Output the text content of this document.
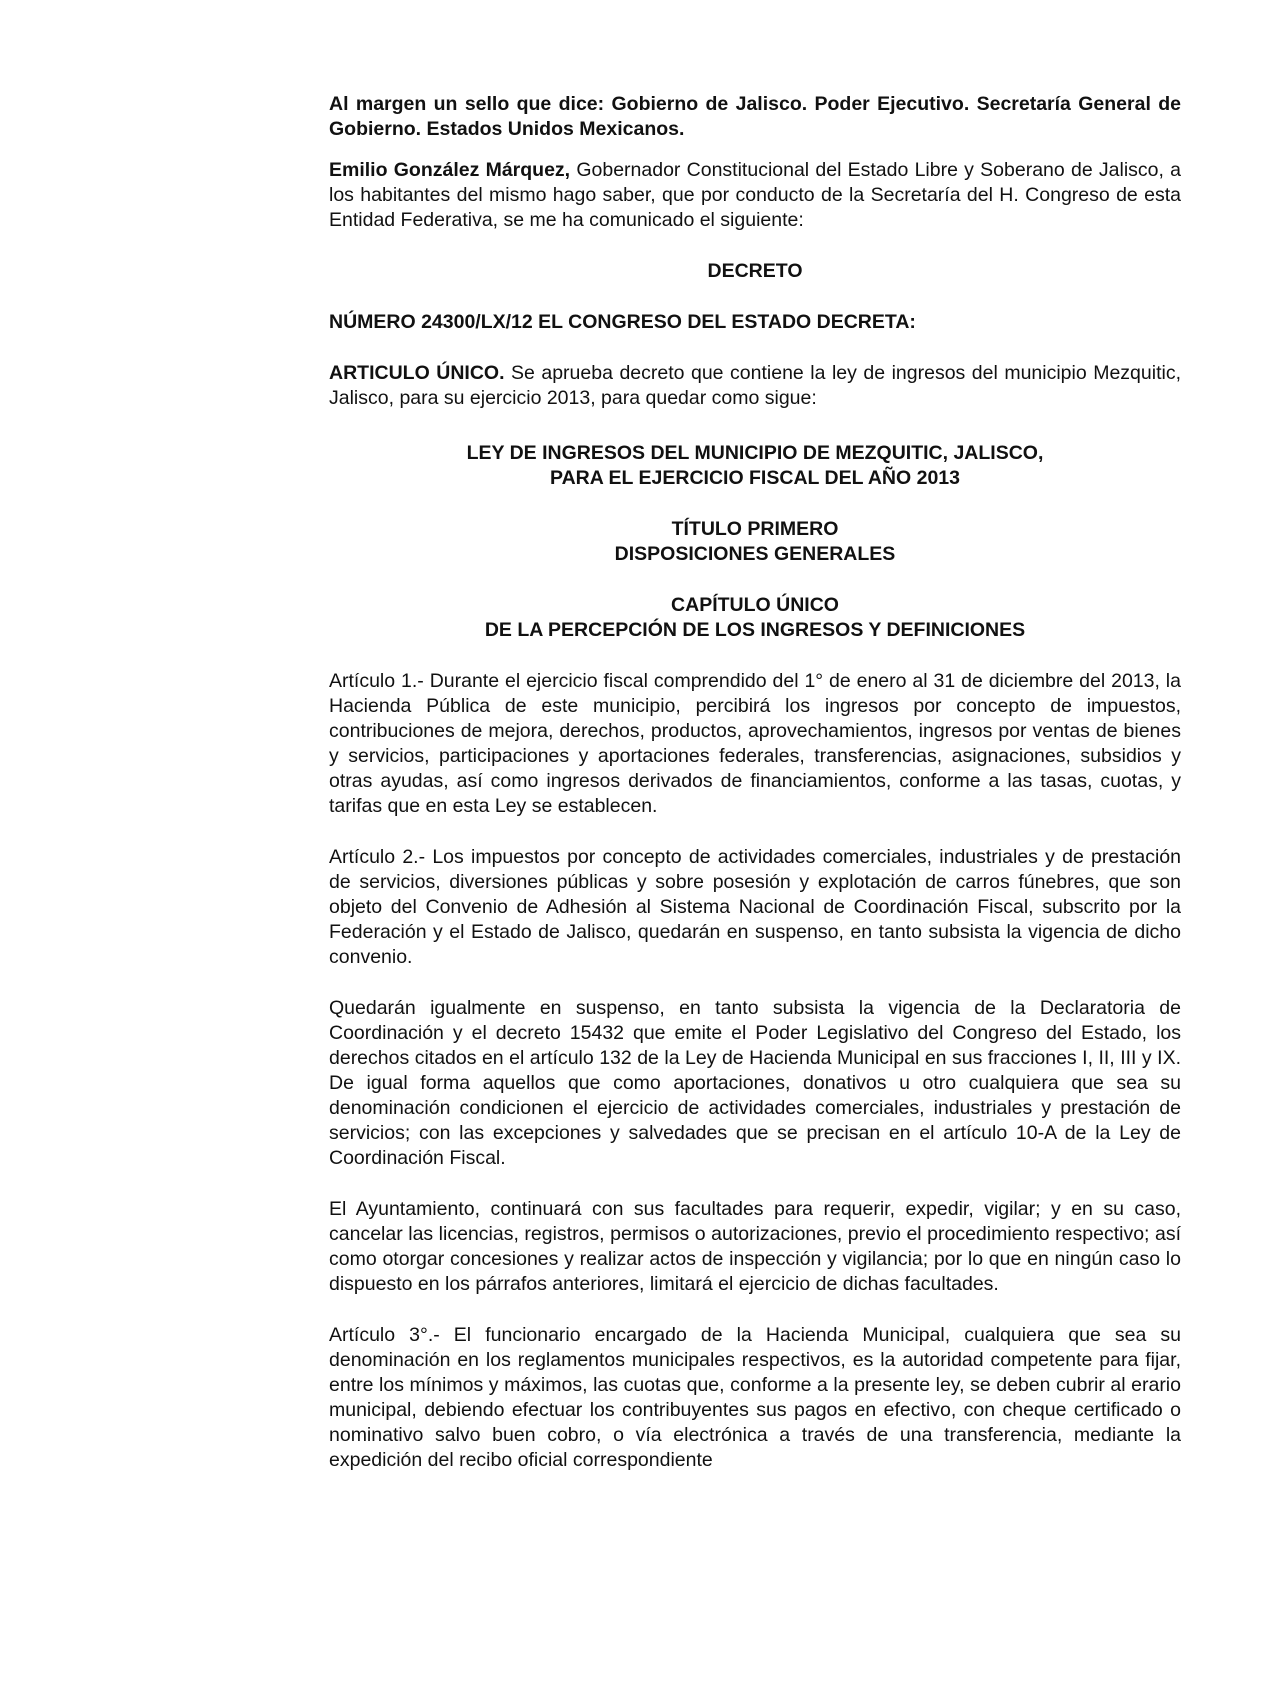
Al margen un sello que dice: Gobierno de Jalisco. Poder Ejecutivo. Secretaría General de Gobierno. Estados Unidos Mexicanos.

Emilio González Márquez, Gobernador Constitucional del Estado Libre y Soberano de Jalisco, a los habitantes del mismo hago saber, que por conducto de la Secretaría del H. Congreso de esta Entidad Federativa, se me ha comunicado el siguiente:

DECRETO

NÚMERO 24300/LX/12 EL CONGRESO DEL ESTADO DECRETA:

ARTICULO ÚNICO. Se aprueba decreto que contiene la ley de ingresos del municipio Mezquitic, Jalisco, para su ejercicio 2013, para quedar como sigue:

LEY DE INGRESOS DEL MUNICIPIO DE MEZQUITIC, JALISCO,

PARA EL EJERCICIO FISCAL DEL AÑO 2013

TÍTULO PRIMERO

DISPOSICIONES GENERALES

CAPÍTULO ÚNICO

DE LA PERCEPCIÓN DE LOS INGRESOS Y DEFINICIONES

Artículo 1.- Durante el ejercicio fiscal comprendido del 1° de enero al 31 de diciembre del 2013, la Hacienda Pública de este municipio, percibirá los ingresos por concepto de impuestos, contribuciones de mejora, derechos, productos, aprovechamientos, ingresos por ventas de bienes y servicios, participaciones y aportaciones federales, transferencias, asignaciones, subsidios y otras ayudas, así como ingresos derivados de financiamientos, conforme a las tasas, cuotas, y tarifas que en esta Ley se establecen.

Artículo 2.- Los impuestos por concepto de actividades comerciales, industriales y de prestación de servicios, diversiones públicas y sobre posesión y explotación de carros fúnebres, que son objeto del Convenio de Adhesión al Sistema Nacional de Coordinación Fiscal, subscrito por la Federación y el Estado de Jalisco, quedarán en suspenso, en tanto subsista la vigencia de dicho convenio.

Quedarán igualmente en suspenso, en tanto subsista la vigencia de la Declaratoria de Coordinación y el decreto 15432 que emite el Poder Legislativo del Congreso del Estado, los derechos citados en el artículo 132 de la Ley de Hacienda Municipal en sus fracciones I, II, III y IX. De igual forma aquellos que como aportaciones, donativos u otro cualquiera que sea su denominación condicionen el ejercicio de actividades comerciales, industriales y prestación de servicios; con las excepciones y salvedades que se precisan en el artículo 10-A de la Ley de Coordinación Fiscal.

El Ayuntamiento, continuará con sus facultades para requerir, expedir, vigilar; y en su caso, cancelar las licencias, registros, permisos o autorizaciones, previo el procedimiento respectivo; así como otorgar concesiones y realizar actos de inspección y vigilancia; por lo que en ningún caso lo dispuesto en los párrafos anteriores, limitará el ejercicio de dichas facultades.

Artículo 3°.- El funcionario encargado de la Hacienda Municipal, cualquiera que sea su denominación en los reglamentos municipales respectivos, es la autoridad competente para fijar, entre los mínimos y máximos, las cuotas que, conforme a la presente ley, se deben cubrir al erario municipal, debiendo efectuar los contribuyentes sus pagos en efectivo, con cheque certificado o nominativo salvo buen cobro, o vía electrónica a través de una transferencia, mediante la expedición del recibo oficial correspondiente
